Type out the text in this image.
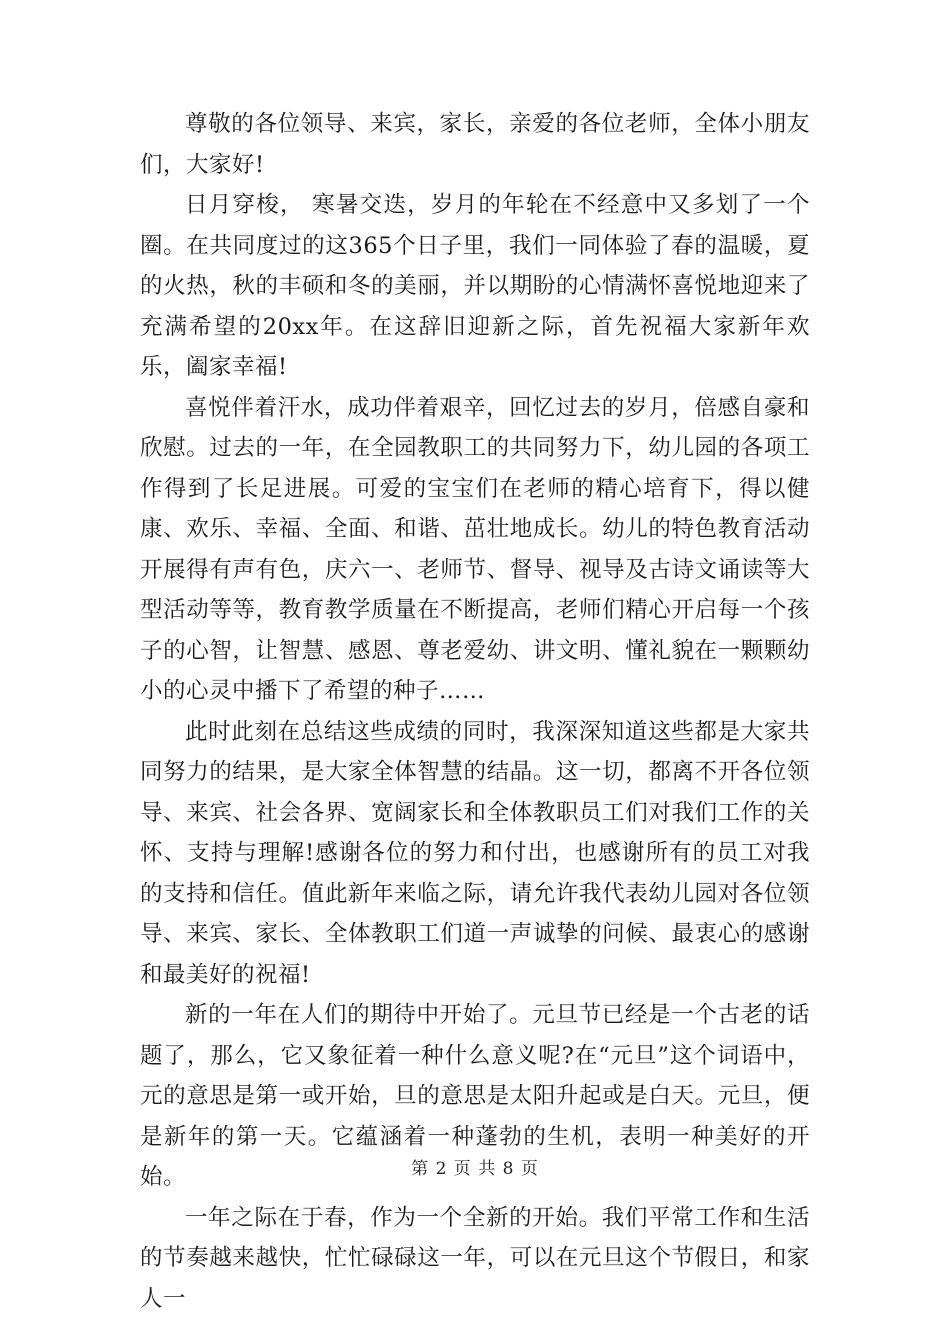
尊敬的各位领导、来宾，家长，亲爱的各位老师，全体小朋友们，大家好!

日月穿梭， 寒暑交迭，岁月的年轮在不经意中又多划了一个圈。在共同度过的这365个日子里，我们一同体验了春的温暖，夏的火热，秋的丰硕和冬的美丽，并以期盼的心情满怀喜悦地迎来了充满希望的20xx年。在这辞旧迎新之际，首先祝福大家新年欢乐，阖家幸福!

喜悦伴着汗水，成功伴着艰辛，回忆过去的岁月，倍感自豪和欣慰。过去的一年，在全园教职工的共同努力下，幼儿园的各项工作得到了长足进展。可爱的宝宝们在老师的精心培育下，得以健康、欢乐、幸福、全面、和谐、茁壮地成长。幼儿的特色教育活动开展得有声有色，庆六一、老师节、督导、视导及古诗文诵读等大型活动等等，教育教学质量在不断提高，老师们精心开启每一个孩子的心智，让智慧、感恩、尊老爱幼、讲文明、懂礼貌在一颗颗幼小的心灵中播下了希望的种子……

此时此刻在总结这些成绩的同时，我深深知道这些都是大家共同努力的结果，是大家全体智慧的结晶。这一切，都离不开各位领导、来宾、社会各界、宽阔家长和全体教职员工们对我们工作的关怀、支持与理解!感谢各位的努力和付出，也感谢所有的员工对我的支持和信任。值此新年来临之际，请允许我代表幼儿园对各位领导、来宾、家长、全体教职工们道一声诚挚的问候、最衷心的感谢和最美好的祝福!

新的一年在人们的期待中开始了。元旦节已经是一个古老的话题了，那么，它又象征着一种什么意义呢?在“元旦”这个词语中，元的意思是第一或开始，旦的意思是太阳升起或是白天。元旦，便是新年的第一天。它蕴涵着一种蓬勃的生机，表明一种美好的开始。

一年之际在于春，作为一个全新的开始。我们平常工作和生活的节奏越来越快，忙忙碌碌这一年，可以在元旦这个节假日，和家人一

第 2 页 共 8 页
